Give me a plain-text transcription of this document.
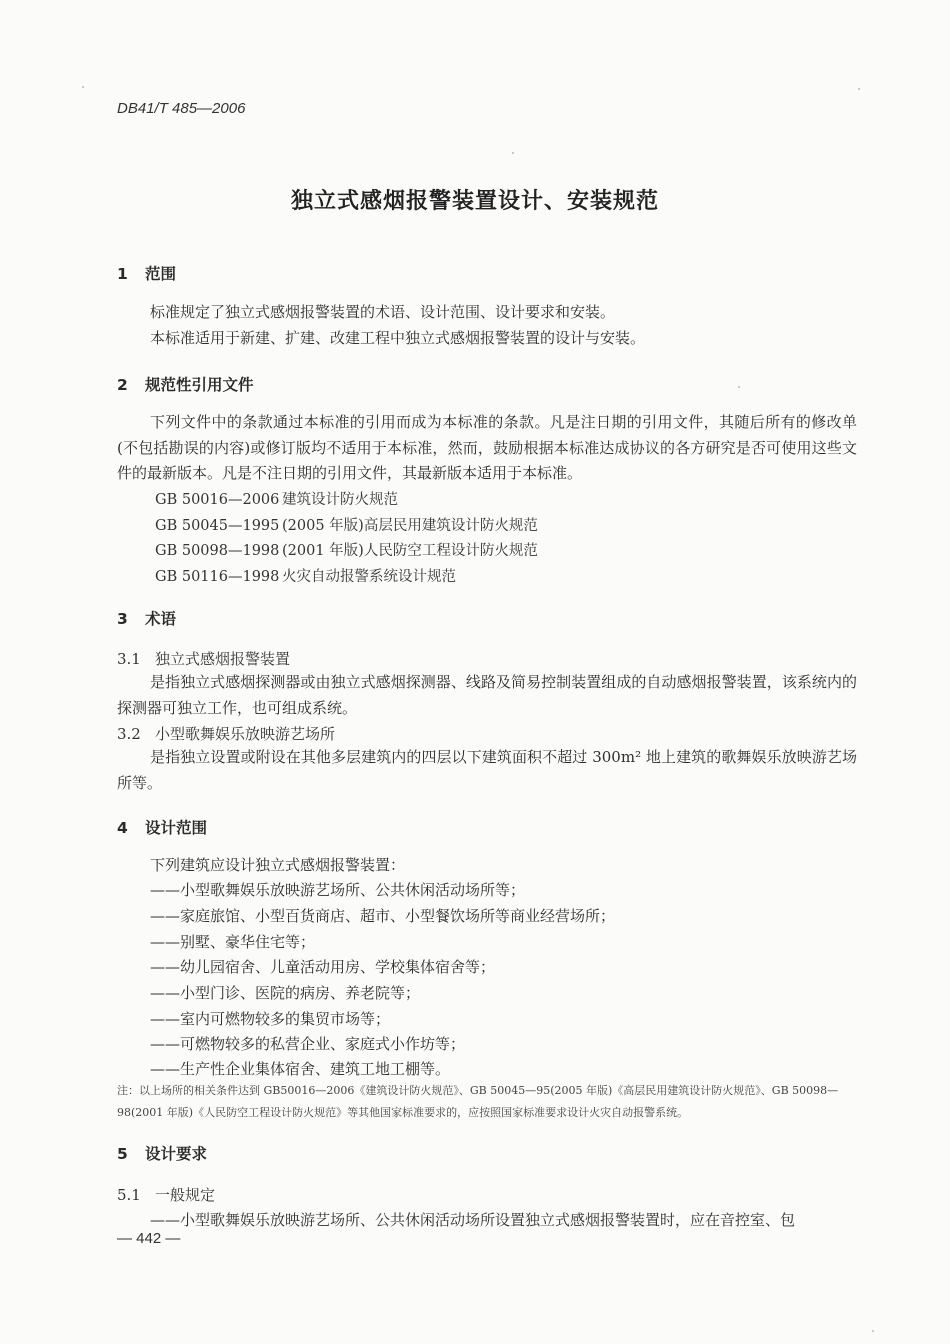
DB41/T 485—2006
独立式感烟报警装置设计、安装规范
1 范围
标准规定了独立式感烟报警装置的术语、设计范围、设计要求和安装。
本标准适用于新建、扩建、改建工程中独立式感烟报警装置的设计与安装。
2 规范性引用文件
下列文件中的条款通过本标准的引用而成为本标准的条款。凡是注日期的引用文件，其随后所有的修改单(不包括勘误的内容)或修订版均不适用于本标准，然而，鼓励根据本标准达成协议的各方研究是否可使用这些文件的最新版本。凡是不注日期的引用文件，其最新版本适用于本标准。
GB 50016—2006 建筑设计防火规范
GB 50045—1995 (2005 年版)高层民用建筑设计防火规范
GB 50098—1998 (2001 年版)人民防空工程设计防火规范
GB 50116—1998 火灾自动报警系统设计规范
3 术语
3.1 独立式感烟报警装置
是指独立式感烟探测器或由独立式感烟探测器、线路及简易控制装置组成的自动感烟报警装置，该系统内的探测器可独立工作，也可组成系统。
3.2 小型歌舞娱乐放映游艺场所
是指独立设置或附设在其他多层建筑内的四层以下建筑面积不超过 300m² 地上建筑的歌舞娱乐放映游艺场所等。
4 设计范围
下列建筑应设计独立式感烟报警装置：
——小型歌舞娱乐放映游艺场所、公共休闲活动场所等；
——家庭旅馆、小型百货商店、超市、小型餐饮场所等商业经营场所；
——别墅、豪华住宅等；
——幼儿园宿舍、儿童活动用房、学校集体宿舍等；
——小型门诊、医院的病房、养老院等；
——室内可燃物较多的集贸市场等；
——可燃物较多的私营企业、家庭式小作坊等；
——生产性企业集体宿舍、建筑工地工棚等。
注：以上场所的相关条件达到 GB50016—2006《建筑设计防火规范》、GB 50045—95(2005 年版)《高层民用建筑设计防火规范》、GB 50098—98(2001 年版)《人民防空工程设计防火规范》等其他国家标准要求的，应按照国家标准要求设计火灾自动报警系统。
5 设计要求
5.1 一般规定
——小型歌舞娱乐放映游艺场所、公共休闲活动场所设置独立式感烟报警装置时，应在音控室、包
— 442 —
